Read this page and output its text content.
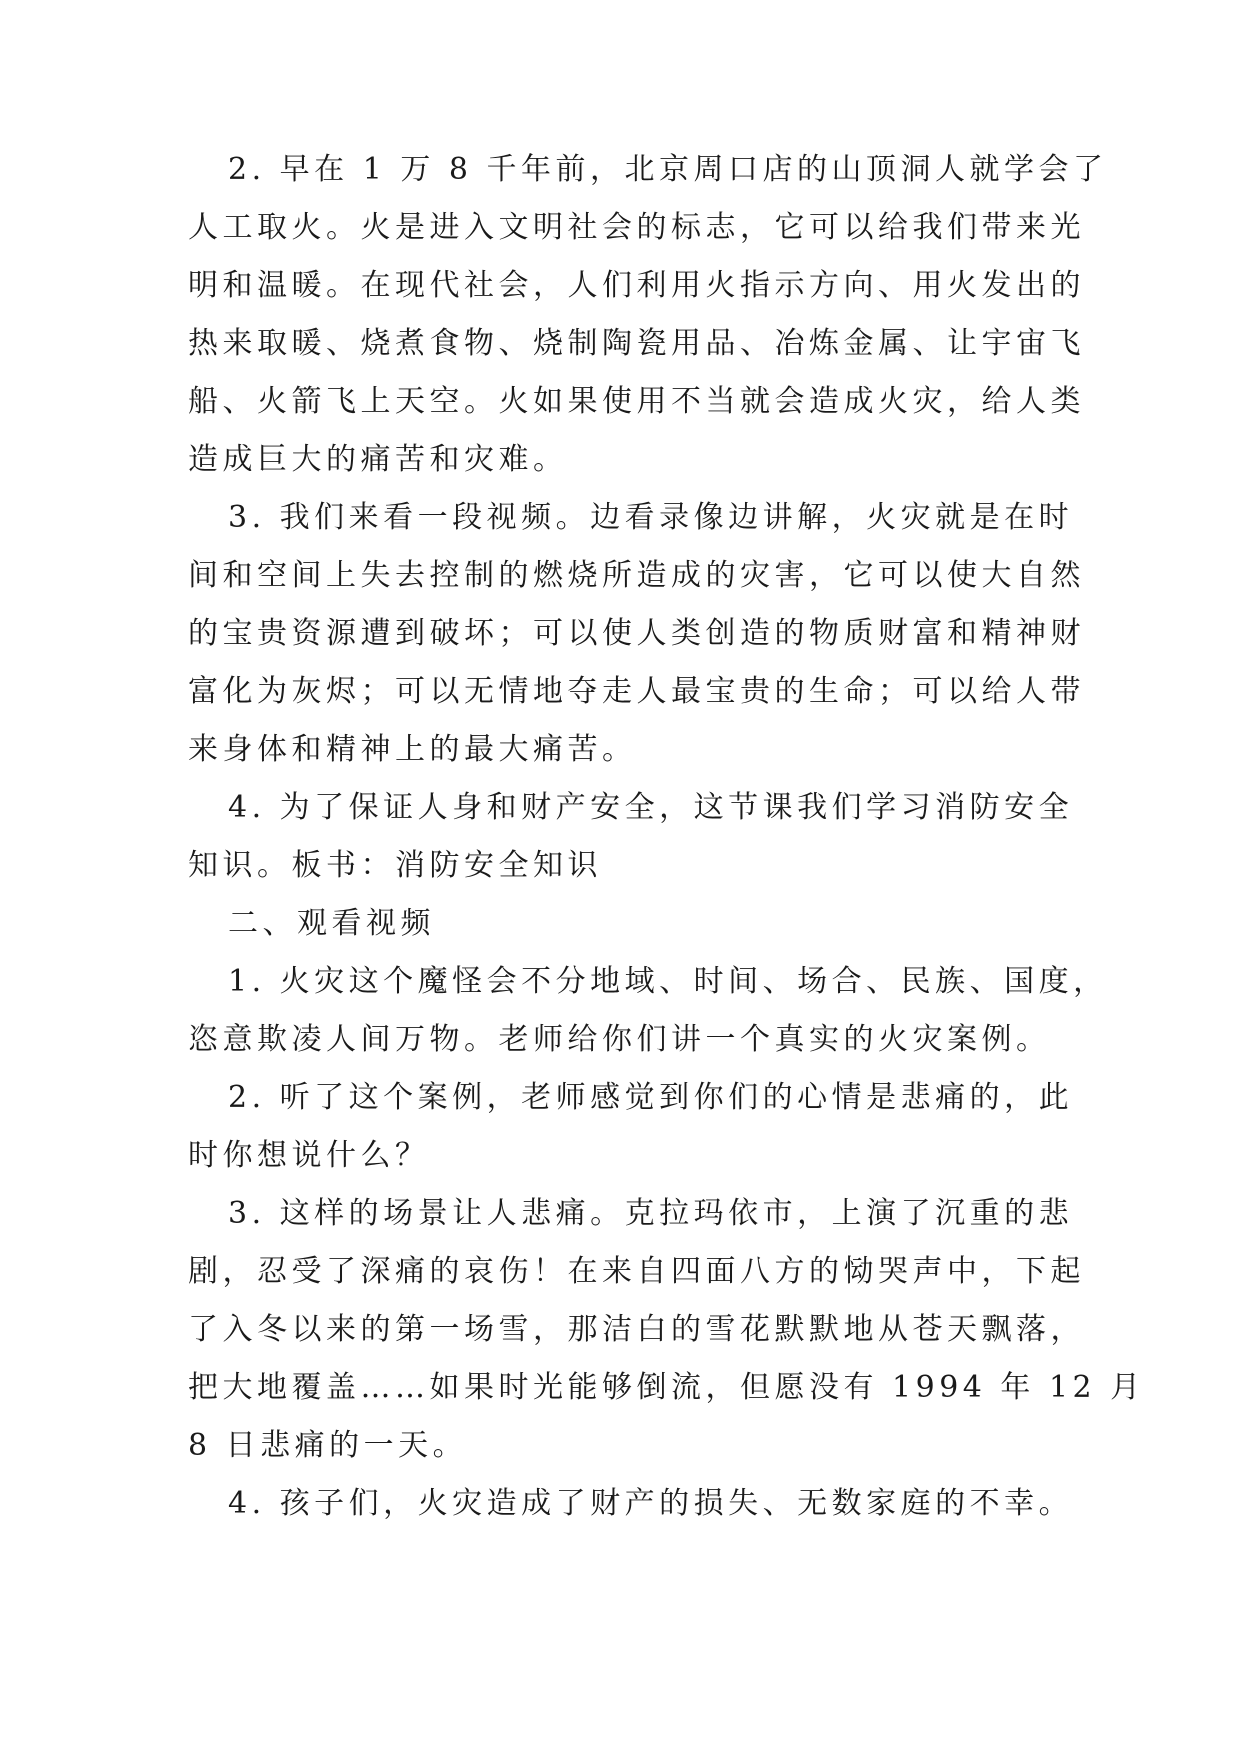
2. 早在 1 万 8 千年前，北京周口店的山顶洞人就学会了
人工取火。火是进入文明社会的标志，它可以给我们带来光
明和温暖。在现代社会，人们利用火指示方向、用火发出的
热来取暖、烧煮食物、烧制陶瓷用品、冶炼金属、让宇宙飞
船、火箭飞上天空。火如果使用不当就会造成火灾，给人类
造成巨大的痛苦和灾难。
3. 我们来看一段视频。边看录像边讲解，火灾就是在时
间和空间上失去控制的燃烧所造成的灾害，它可以使大自然
的宝贵资源遭到破坏；可以使人类创造的物质财富和精神财
富化为灰烬；可以无情地夺走人最宝贵的生命；可以给人带
来身体和精神上的最大痛苦。
4. 为了保证人身和财产安全，这节课我们学习消防安全
知识。板书：消防安全知识
二、观看视频
1. 火灾这个魔怪会不分地域、时间、场合、民族、国度，
恣意欺凌人间万物。老师给你们讲一个真实的火灾案例。
2. 听了这个案例，老师感觉到你们的心情是悲痛的，此
时你想说什么？
3. 这样的场景让人悲痛。克拉玛依市，上演了沉重的悲
剧，忍受了深痛的哀伤！在来自四面八方的恸哭声中，下起
了入冬以来的第一场雪，那洁白的雪花默默地从苍天飘落，
把大地覆盖……如果时光能够倒流，但愿没有 1994 年 12 月
8 日悲痛的一天。
4. 孩子们，火灾造成了财产的损失、无数家庭的不幸。
